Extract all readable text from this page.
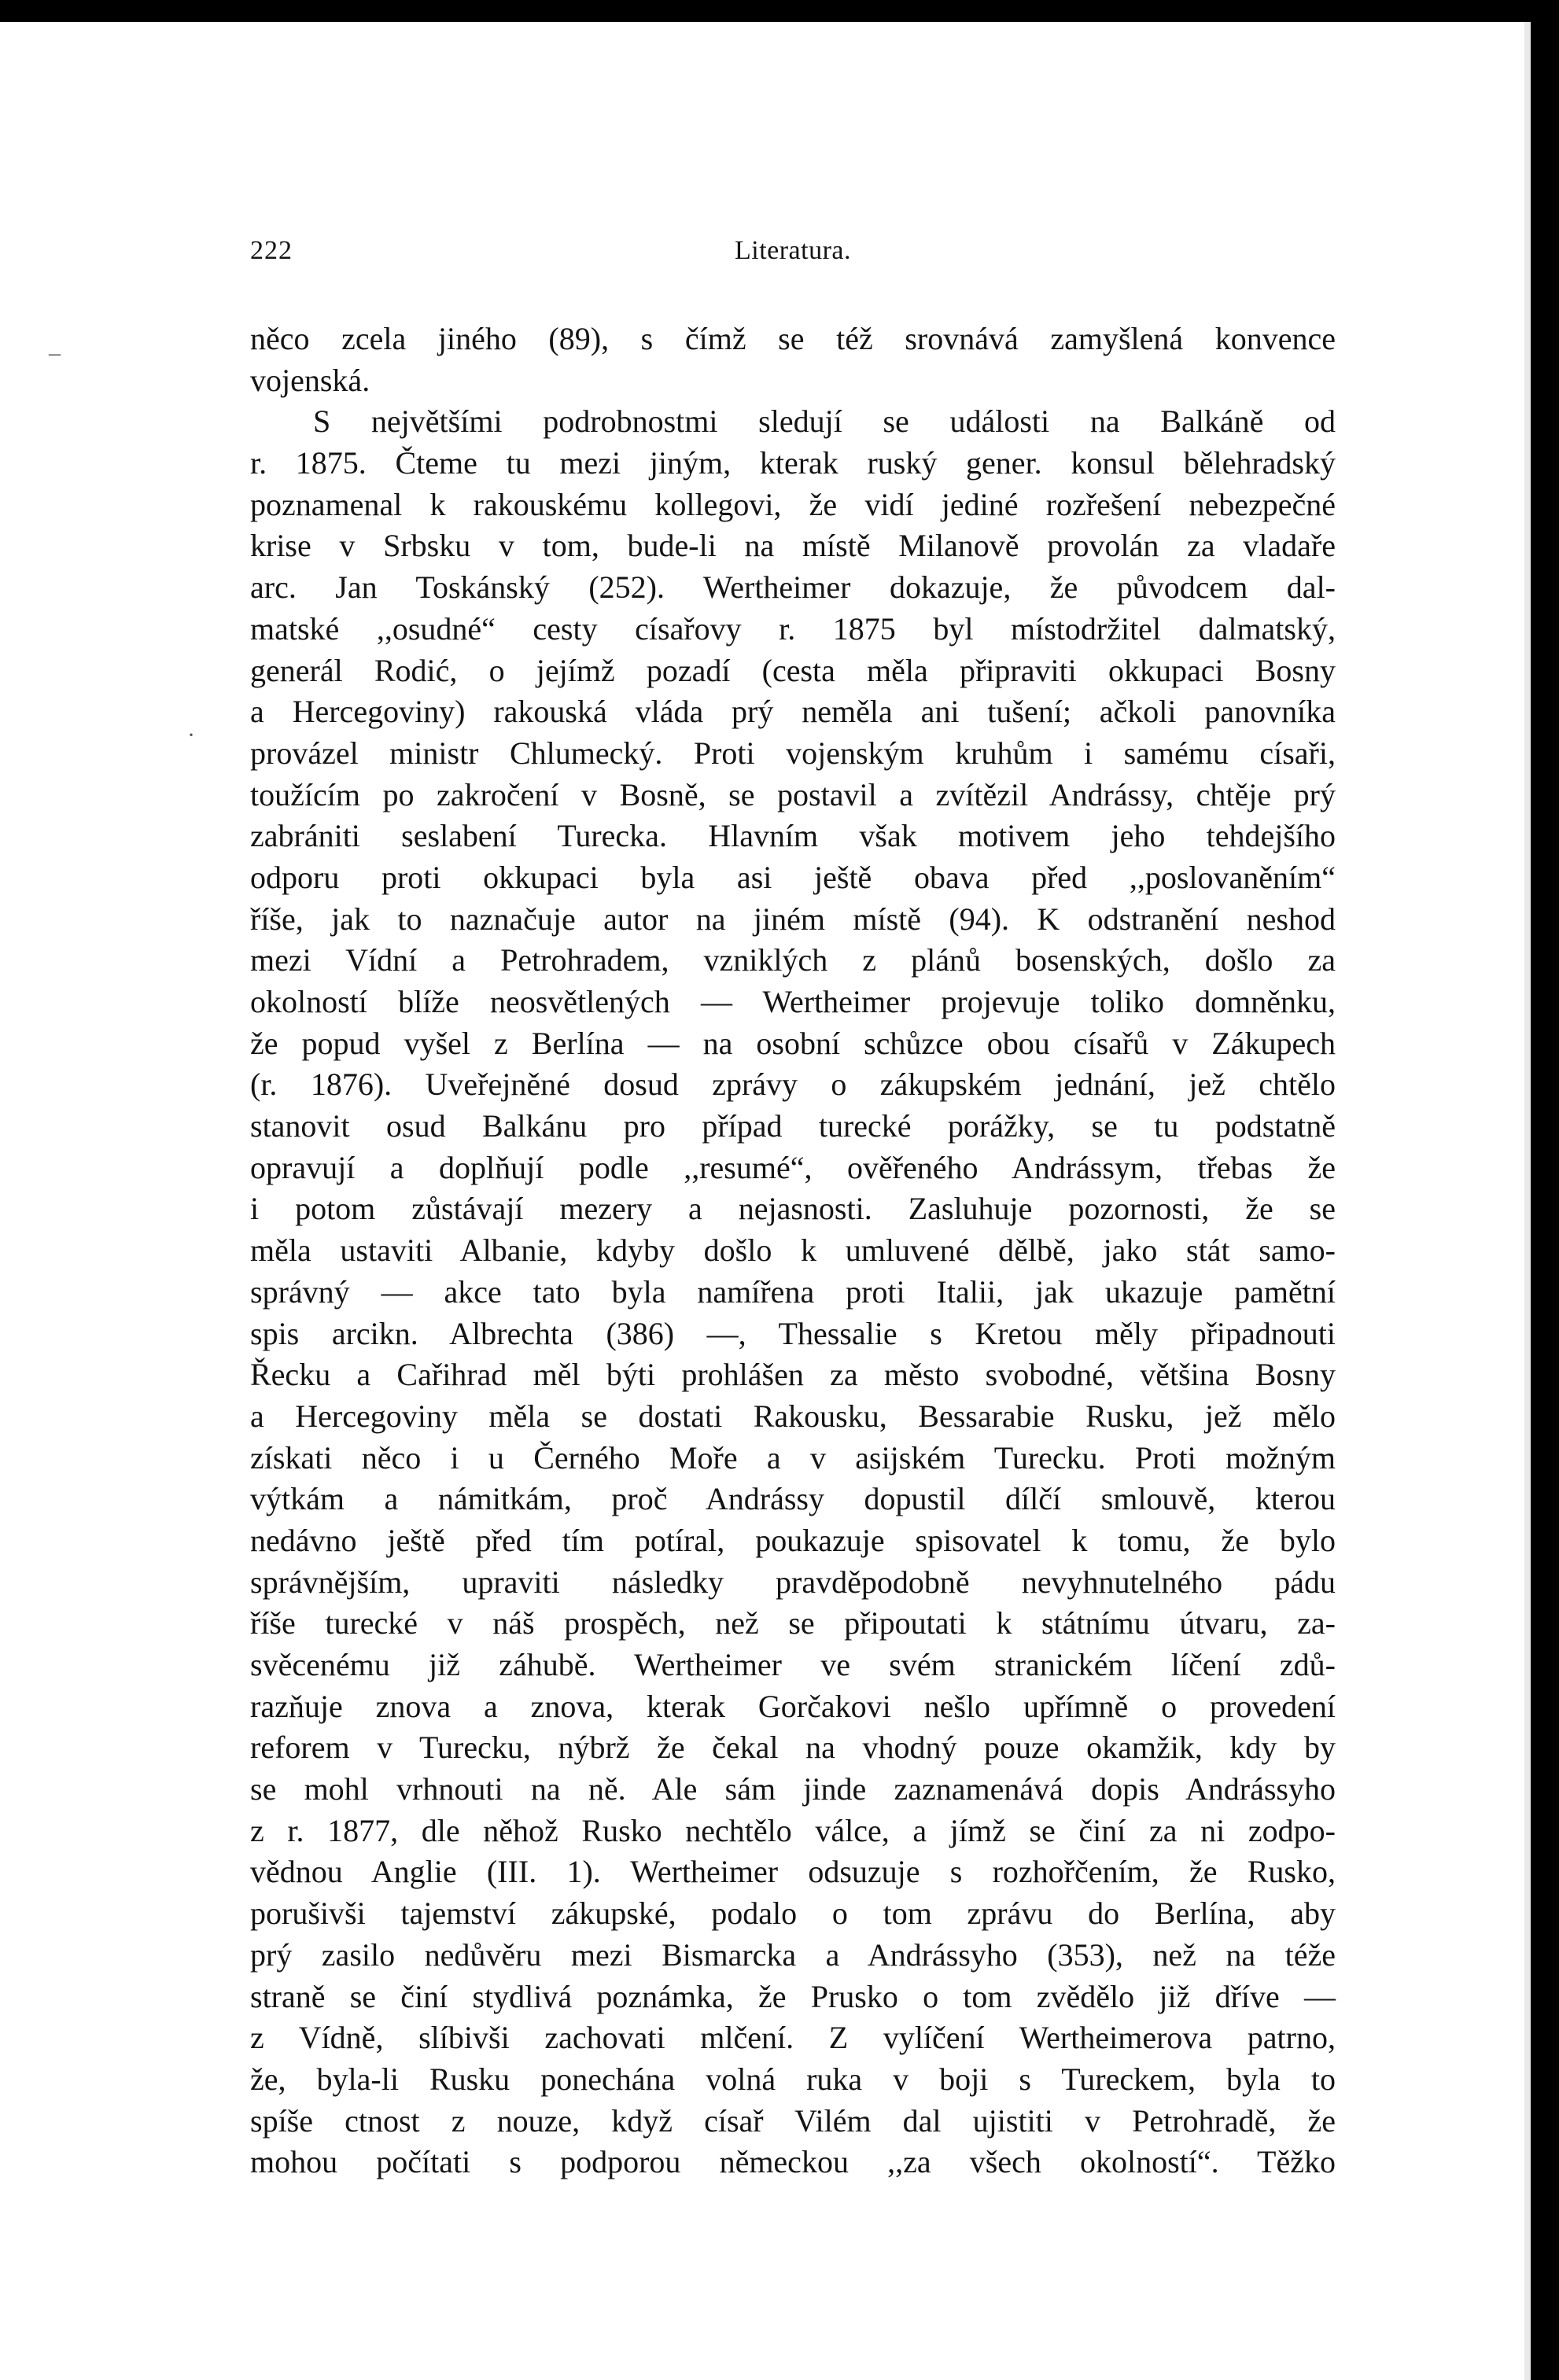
–
·
222	Literatura.
něco zcela jiného (89), s čímž se též srovnává zamyšlená konvence
vojenská.
S největšími podrobnostmi sledují se události na Balkáně od
r. 1875. Čteme tu mezi jiným, kterak ruský gener. konsul bělehradský
poznamenal k rakouskému kollegovi, že vidí jediné rozřešení nebezpečné
krise v Srbsku v tom, bude-li na místě Milanově provolán za vladaře
arc. Jan Toskánský (252). Wertheimer dokazuje, že původcem dal-
matské ,,osudné“ cesty císařovy r. 1875 byl místodržitel dalmatský,
generál Rodić, o jejímž pozadí (cesta měla připraviti okkupaci Bosny
a Hercegoviny) rakouská vláda prý neměla ani tušení; ačkoli panovníka
provázel ministr Chlumecký. Proti vojenským kruhům i samému císaři,
toužícím po zakročení v Bosně, se postavil a zvítězil Andrássy, chtěje prý
zabrániti seslabení Turecka. Hlavním však motivem jeho tehdejšího
odporu proti okkupaci byla asi ještě obava před ,,poslovaněním“
říše, jak to naznačuje autor na jiném místě (94). K odstranění neshod
mezi Vídní a Petrohradem, vzniklých z plánů bosenských, došlo za
okolností blíže neosvětlených — Wertheimer projevuje toliko domněnku,
že popud vyšel z Berlína — na osobní schůzce obou císařů v Zákupech
(r. 1876). Uveřejněné dosud zprávy o zákupském jednání, jež chtělo
stanovit osud Balkánu pro případ turecké porážky, se tu podstatně
opravují a doplňují podle ,,resumé“, ověřeného Andrássym, třebas že
i potom zůstávají mezery a nejasnosti. Zasluhuje pozornosti, že se
měla ustaviti Albanie, kdyby došlo k umluvené dělbě, jako stát samo-
správný — akce tato byla namířena proti Italii, jak ukazuje pamětní
spis arcikn. Albrechta (386) —, Thessalie s Kretou měly připadnouti
Řecku a Cařihrad měl býti prohlášen za město svobodné, většina Bosny
a Hercegoviny měla se dostati Rakousku, Bessarabie Rusku, jež mělo
získati něco i u Černého Moře a v asijském Turecku. Proti možným
výtkám a námitkám, proč Andrássy dopustil dílčí smlouvě, kterou
nedávno ještě před tím potíral, poukazuje spisovatel k tomu, že bylo
správnějším, upraviti následky pravděpodobně nevyhnutelného pádu
říše turecké v náš prospěch, než se připoutati k státnímu útvaru, za-
svěcenému již záhubě. Wertheimer ve svém stranickém líčení zdů-
razňuje znova a znova, kterak Gorčakovi nešlo upřímně o provedení
reforem v Turecku, nýbrž že čekal na vhodný pouze okamžik, kdy by
se mohl vrhnouti na ně. Ale sám jinde zaznamenává dopis Andrássyho
z r. 1877, dle něhož Rusko nechtělo válce, a jímž se činí za ni zodpo-
vědnou Anglie (III. 1). Wertheimer odsuzuje s rozhořčením, že Rusko,
porušivši tajemství zákupské, podalo o tom zprávu do Berlína, aby
prý zasilo nedůvěru mezi Bismarcka a Andrássyho (353), než na téže
straně se činí stydlivá poznámka, že Prusko o tom zvědělo již dříve —
z Vídně, slíbivši zachovati mlčení. Z vylíčení Wertheimerova patrno,
že, byla-li Rusku ponechána volná ruka v boji s Tureckem, byla to
spíše ctnost z nouze, když císař Vilém dal ujistiti v Petrohradě, že
mohou počítati s podporou německou ,,za všech okolností“. Těžko
